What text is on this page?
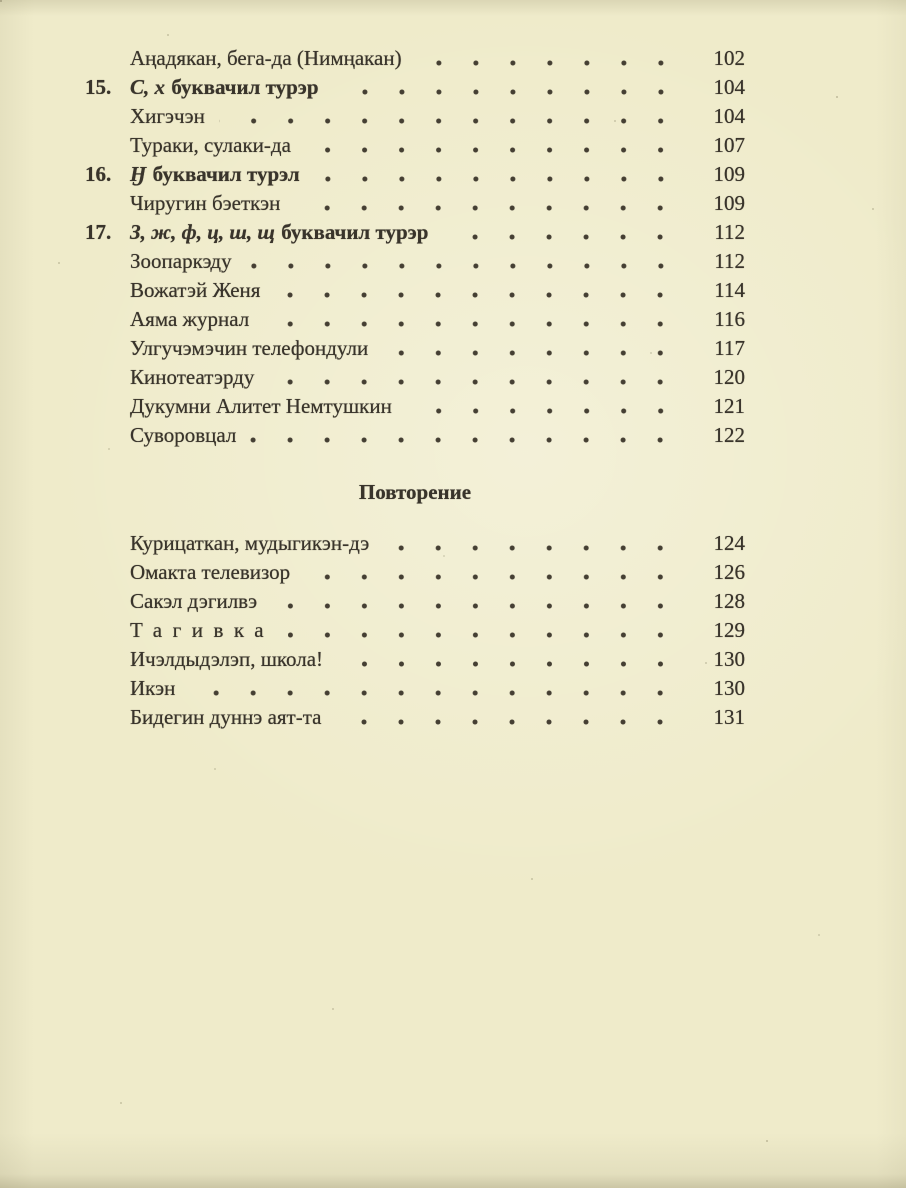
Аңадякан, бега-да (Нимңакан)	102
15. С, х буквачил турэр	104
Хигэчэн	104
Тураки, сулаки-да	107
16. Ӈ буквачил турэл	109
Чиругин бэеткэн	109
17. З, ж, ф, ц, ш, щ буквачил турэр	112
Зоопаркэду	112
Вожатэй Женя	114
Аяма журнал	116
Улгучэмэчин телефондули	117
Кинотеатэрду	120
Дукумни Алитет Немтушкин	121
Суворовцал	122
Повторение
Курицаткан, мудыгикэн-дэ	124
Омакта телевизор	126
Сакэл дэгилвэ	128
Тагивка	129
Ичэлдыдэлэп, школа!	130
Икэн	130
Бидегин дуннэ аят-та	131
